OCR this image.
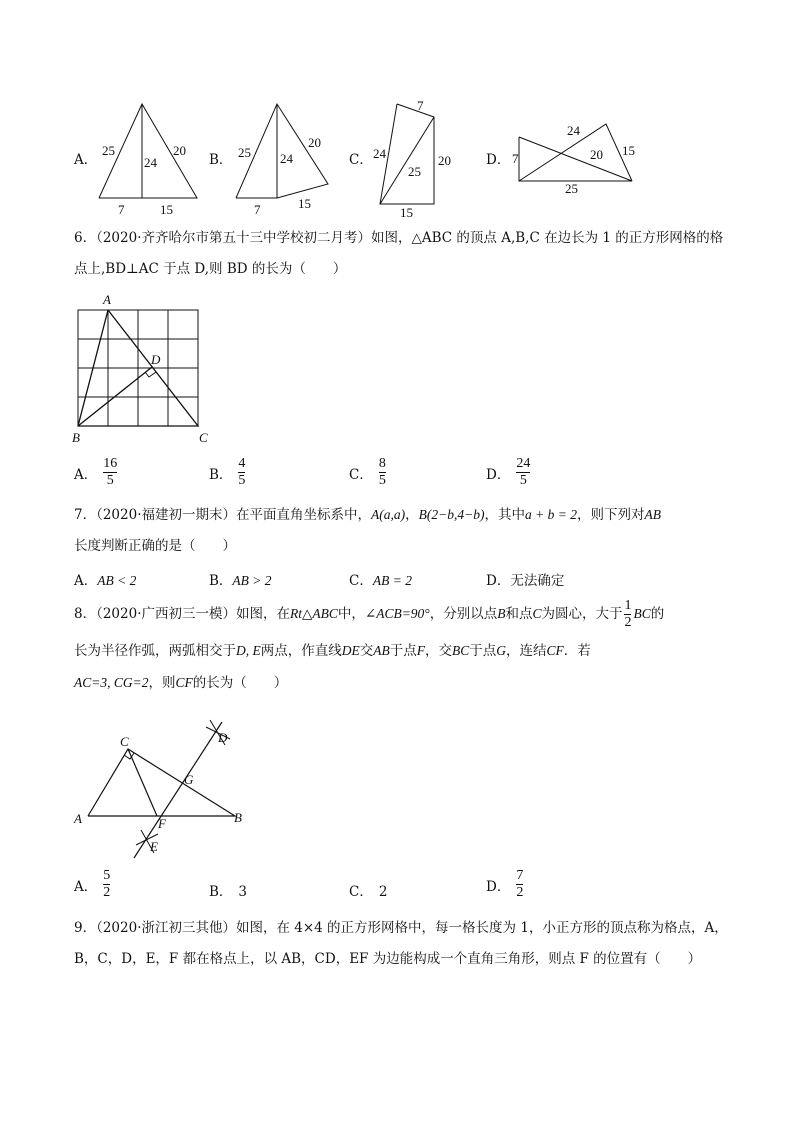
A．
25
24
20
7	15
B． 25 24
20
7	15
C．
7
24
25
20
15
D． 7
24
20 15
25
6．（2020·齐齐哈尔市第五十三中学校初二月考）如图，△ABC 的顶点 A,B,C 在边长为 1 的正方形网格的格
点上,BD⊥AC 于点 D,则 BD 的长为（　　）
A
B	C
D
A． $\frac{16}{5}$	B． $\frac{4}{5}$	C． $\frac{8}{5}$	D． $\frac{24}{5}$
7．（2020·福建初一期末）在平面直角坐标系中，A(a,a)，B(2−b,4−b)，其中a + b = 2，则下列对AB
长度判断正确的是（　　）
A．AB < 2	B．AB > 2	C．AB = 2	D．无法确定
8．（2020·广西初三一模）如图，在 Rt△ABC 中， ∠ACB=90° ，分别以点 B 和点 C 为圆心，大于 $\frac{1}{2}$ BC 的
长为半径作弧，两弧相交于D, E两点，作直线DE交AB于点F，交BC于点G，连结CF．若
AC=3, CG=2，则CF的长为（　　）
A	B
C	D
E
F
G
A． $\frac{5}{2}$	B． 3	C． 2	D． $\frac{7}{2}$
9．（2020·浙江初三其他）如图，在 4×4 的正方形网格中，每一格长度为 1，小正方形的顶点称为格点，A，
B，C，D，E，F 都在格点上，以 AB，CD，EF 为边能构成一个直角三角形，则点 F 的位置有（　　）
